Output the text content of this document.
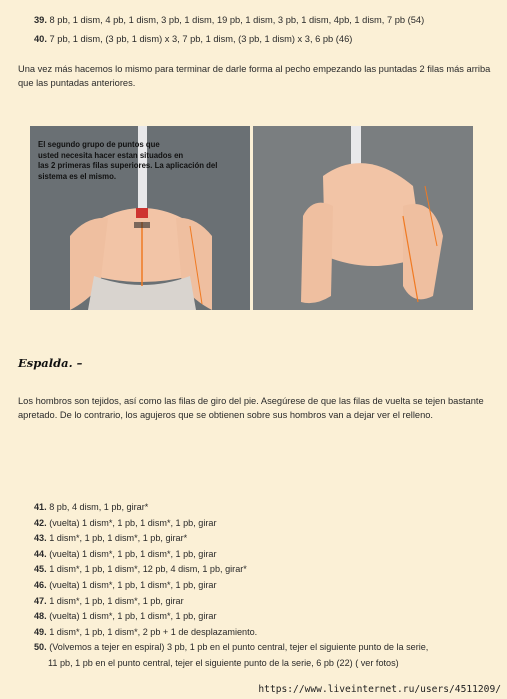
39. 8 pb, 1 dism, 4 pb, 1 dism, 3 pb, 1 dism, 19 pb, 1 dism, 3 pb, 1 dism, 4pb, 1 dism, 7 pb (54)
40. 7 pb, 1 dism, (3 pb, 1 dism) x 3, 7 pb, 1 dism, (3 pb, 1 dism) x 3, 6 pb (46)
Una vez más hacemos lo mismo para terminar de darle forma al pecho empezando las puntadas 2 filas más arriba que las puntadas anteriores.
El segundo grupo de puntos que
usted necesita hacer estan situados en
las 2 primeras filas superiores. La aplicación del
sistema es el mismo.
Espalda. –
Los hombros son tejidos, así como las filas de giro del pie. Asegúrese de que las filas de vuelta se tejen bastante apretado. De lo contrario, los agujeros que se obtienen sobre sus hombros van a dejar ver el relleno.
41. 8 pb, 4 dism, 1 pb, girar*
42. (vuelta) 1 dism*, 1 pb, 1 dism*, 1 pb, girar
43. 1 dism*, 1 pb, 1 dism*, 1 pb, girar*
44. (vuelta) 1 dism*, 1 pb, 1 dism*, 1 pb, girar
45. 1 dism*, 1 pb, 1 dism*, 12 pb, 4 dism, 1 pb, girar*
46. (vuelta) 1 dism*, 1 pb, 1 dism*, 1 pb, girar
47. 1 dism*, 1 pb, 1 dism*, 1 pb, girar
48. (vuelta) 1 dism*, 1 pb, 1 dism*, 1 pb, girar
49. 1 dism*, 1 pb, 1 dism*, 2 pb + 1 de desplazamiento.
50. (Volvemos a tejer en espiral) 3 pb, 1 pb en el punto central, tejer el siguiente punto de la serie,
11 pb, 1 pb en el punto central, tejer el siguiente punto de la serie, 6 pb (22) ( ver fotos)
https://www.liveinternet.ru/users/4511209/
